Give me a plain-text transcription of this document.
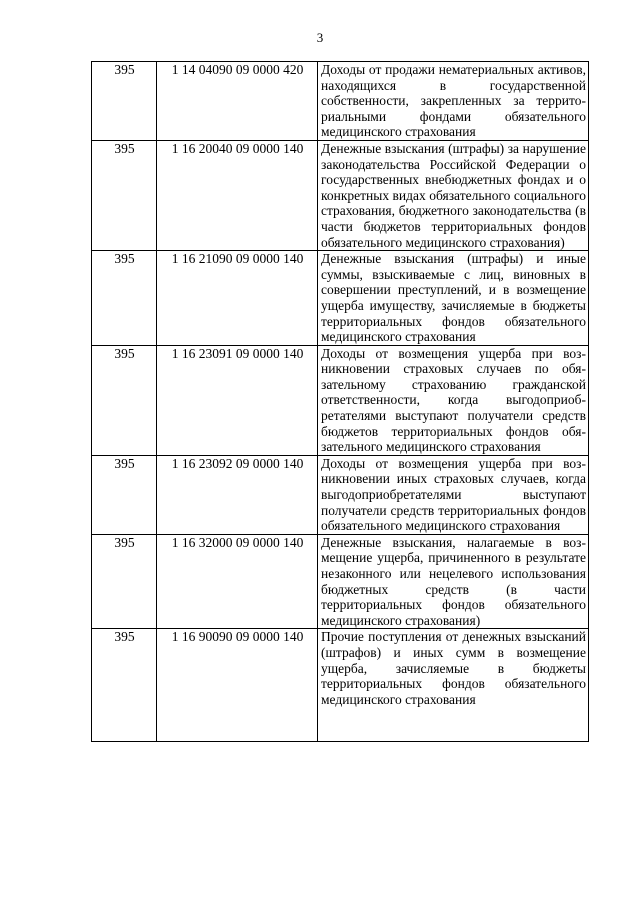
3
395	1 14 04090 09 0000 420	Доходы от продажи нематериальных активов, находящихся в государственной собственности, закрепленных за территориальными фондами обязательного медицинского страхования
395	1 16 20040 09 0000 140	Денежные взыскания (штрафы) за нарушение законодательства Российской Федерации о государственных внебюджетных фондах и о конкретных видах обязательного социального страхования, бюджетного законодательства (в части бюджетов территориальных фондов обязательного медицинского страхования)
395	1 16 21090 09 0000 140	Денежные взыскания (штрафы) и иные суммы, взыскиваемые с лиц, виновных в совершении преступлений, и в возмещение ущерба имуществу, зачисляемые в бюджеты территориальных фондов обязательного медицинского страхования
395	1 16 23091 09 0000 140	Доходы от возмещения ущерба при возникновении страховых случаев по обязательному страхованию гражданской ответственности, когда выгодоприобретателями выступают получатели средств бюджетов территориальных фондов обязательного медицинского страхования
395	1 16 23092 09 0000 140	Доходы от возмещения ущерба при возникновении иных страховых случаев, когда выгодоприобретателями выступают получатели средств территориальных фондов обязательного медицинского страхования
395	1 16 32000 09 0000 140	Денежные взыскания, налагаемые в возмещение ущерба, причиненного в результате незаконного или нецелевого использования бюджетных средств (в части территориальных фондов обязательного медицинского страхования)
395	1 16 90090 09 0000 140	Прочие поступления от денежных взысканий (штрафов) и иных сумм в возмещение ущерба, зачисляемые в бюджеты территориальных фондов обязательного медицинского страхования
